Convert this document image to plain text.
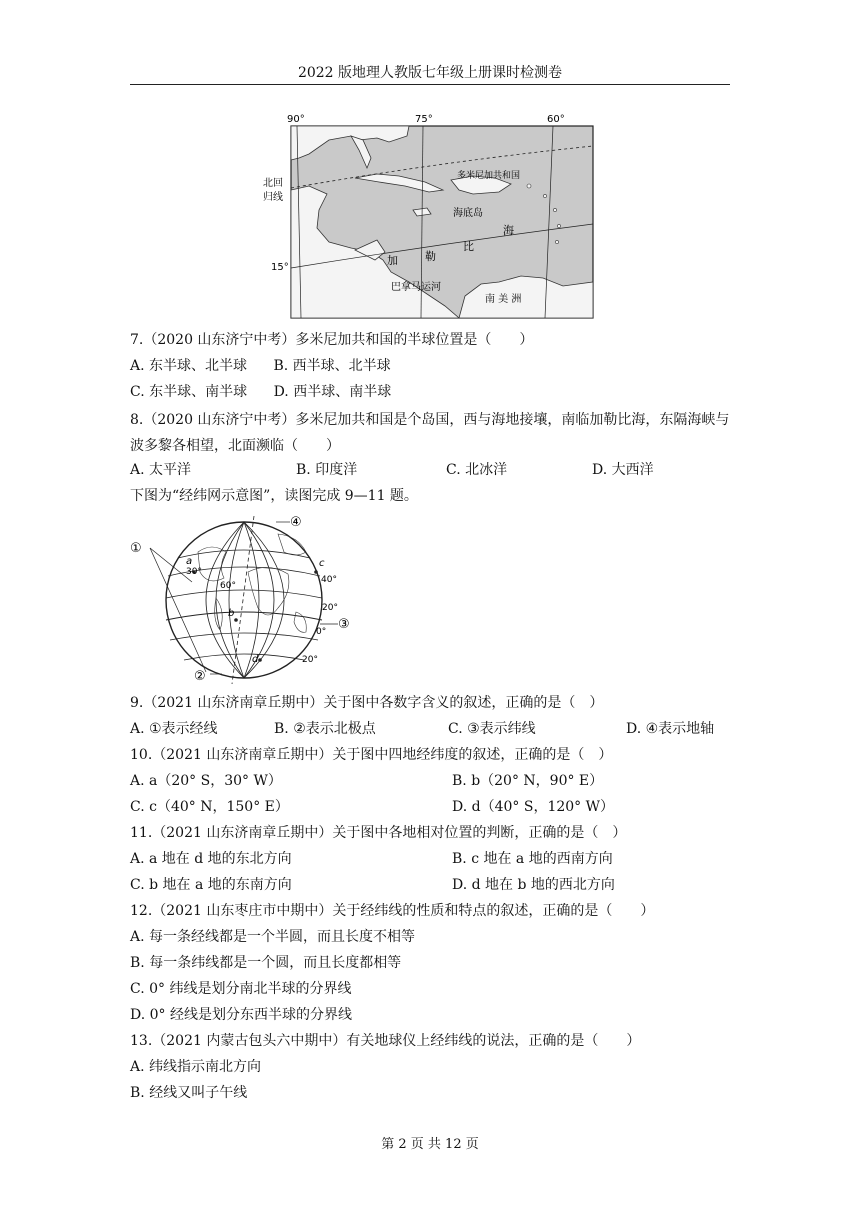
2022 版地理人教版七年级上册课时检测卷
90°	75°	60°
北回
归线
15°
多米尼加共和国
海底岛
海
比
勒
加
巴拿马运河
南 美 洲
7.（2020 山东济宁中考）多米尼加共和国的半球位置是（　　）
A. 东半球、北半球 B. 西半球、北半球
C. 东半球、南半球 D. 西半球、南半球
8.（2020 山东济宁中考）多米尼加共和国是个岛国，西与海地接壤，南临加勒比海，东隔海峡与波多黎各相望，北面濒临（　　）
A. 太平洋	B. 印度洋	C. 北冰洋	D. 大西洋
下图为“经纬网示意图”，读图完成 9—11 题。
a
b
c
d
30°
60°
40°
20°
0°
20°
①
②
③
④
9.（2021 山东济南章丘期中）关于图中各数字含义的叙述，正确的是（　）
A. ①表示经线	B. ②表示北极点	C. ③表示纬线	D. ④表示地轴
10.（2021 山东济南章丘期中）关于图中四地经纬度的叙述，正确的是（　）
A. a（20° S，30° W）	B. b（20° N，90° E）
C. c（40° N，150° E）	D. d（40° S，120° W）
11.（2021 山东济南章丘期中）关于图中各地相对位置的判断，正确的是（　）
A. a 地在 d 地的东北方向	B. c 地在 a 地的西南方向
C. b 地在 a 地的东南方向	D. d 地在 b 地的西北方向
12.（2021 山东枣庄市中期中）关于经纬线的性质和特点的叙述，正确的是（　　）
A. 每一条经线都是一个半圆，而且长度不相等
B. 每一条纬线都是一个圆，而且长度都相等
C. 0° 纬线是划分南北半球的分界线
D. 0° 经线是划分东西半球的分界线
13.（2021 内蒙古包头六中期中）有关地球仪上经纬线的说法，正确的是（　　）
A. 纬线指示南北方向
B. 经线又叫子午线
第 2 页 共 12 页
